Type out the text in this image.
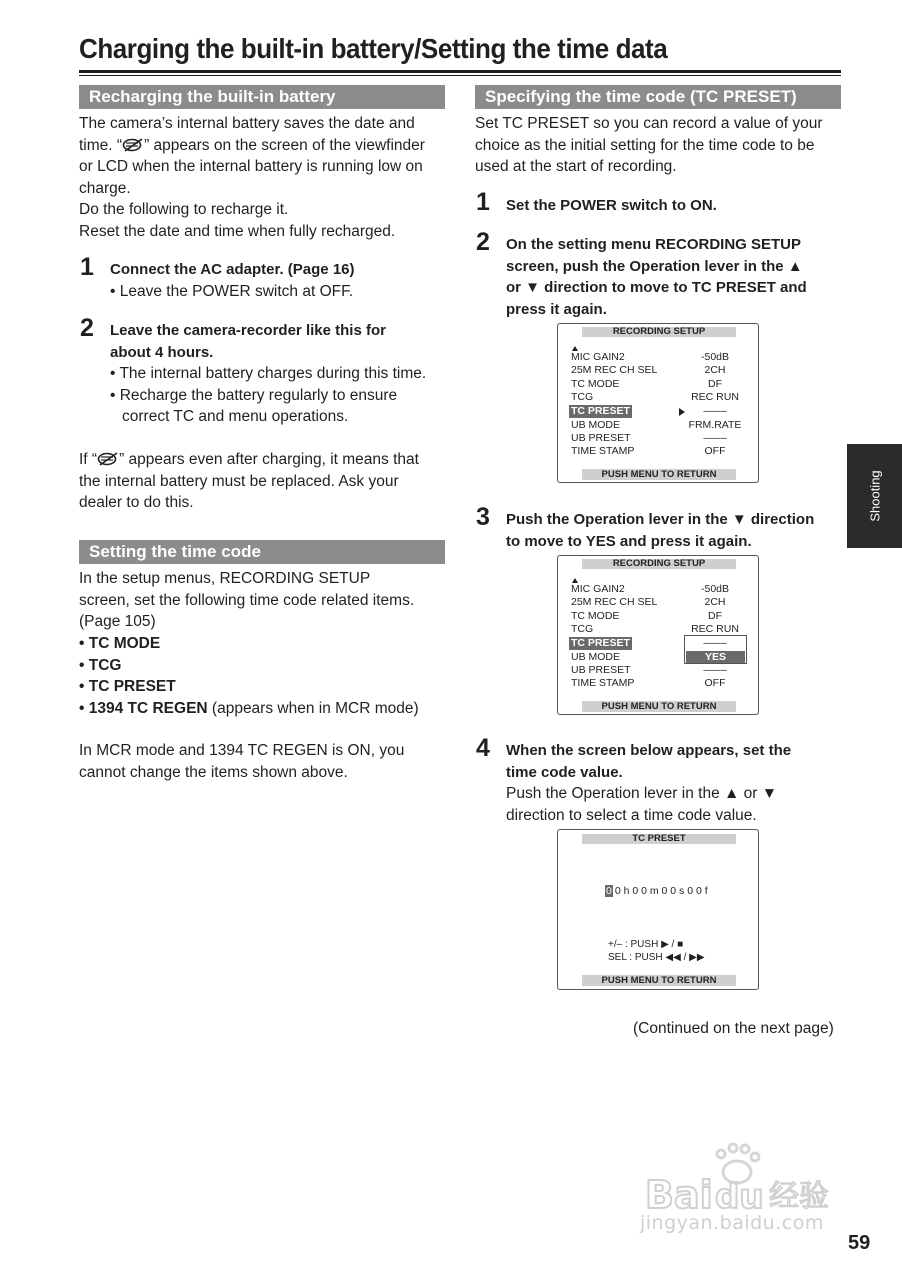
Charging the built-in battery/Setting the time data
Recharging the built-in battery
The camera’s internal battery saves the date and
time. “ ” appears on the screen of the viewfinder
or LCD when the internal battery is running low on
charge.
Do the following to recharge it.
Reset the date and time when fully recharged.
1 Connect the AC adapter. (Page 16)
• Leave the POWER switch at OFF.
2 Leave the camera-recorder like this for
about 4 hours.
• The internal battery charges during this time.
• Recharge the battery regularly to ensure
correct TC and menu operations.
If “ ” appears even after charging, it means that
the internal battery must be replaced. Ask your
dealer to do this.
Setting the time code
In the setup menus, RECORDING SETUP
screen, set the following time code related items.
(Page 105)
• TC MODE
• TCG
• TC PRESET
• 1394 TC REGEN (appears when in MCR mode)
In MCR mode and 1394 TC REGEN is ON, you
cannot change the items shown above.
Specifying the time code (TC PRESET)
Set TC PRESET so you can record a value of your
choice as the initial setting for the time code to be
used at the start of recording.
1 Set the POWER switch to ON.
2 On the setting menu RECORDING SETUP
screen, push the Operation lever in the ▲
or ▼ direction to move to TC PRESET and
press it again.
RECORDING SETUP
MIC GAIN2	-50dB
25M REC CH SEL	2CH
TC MODE	DF
TCG	REC RUN
TC PRESET	––––
UB MODE	FRM.RATE
UB PRESET	––––
TIME STAMP	OFF
PUSH MENU TO RETURN
3 Push the Operation lever in the ▼ direction
to move to YES and press it again.
RECORDING SETUP
MIC GAIN2	-50dB
25M REC CH SEL	2CH
TC MODE	DF
TCG	REC RUN
TC PRESET	––––
UB MODE	YES
UB PRESET	––––
TIME STAMP	OFF
PUSH MENU TO RETURN
4 When the screen below appears, set the
time code value.
Push the Operation lever in the ▲ or ▼
direction to select a time code value.
TC PRESET
0 0 h 0 0 m 0 0 s 0 0 f
+/– : PUSH ▶ / ■
SEL : PUSH ◀◀ / ▶▶
PUSH MENU TO RETURN
Shooting
(Continued on the next page)
Bai du 经验
jingyan.baidu.com
59
